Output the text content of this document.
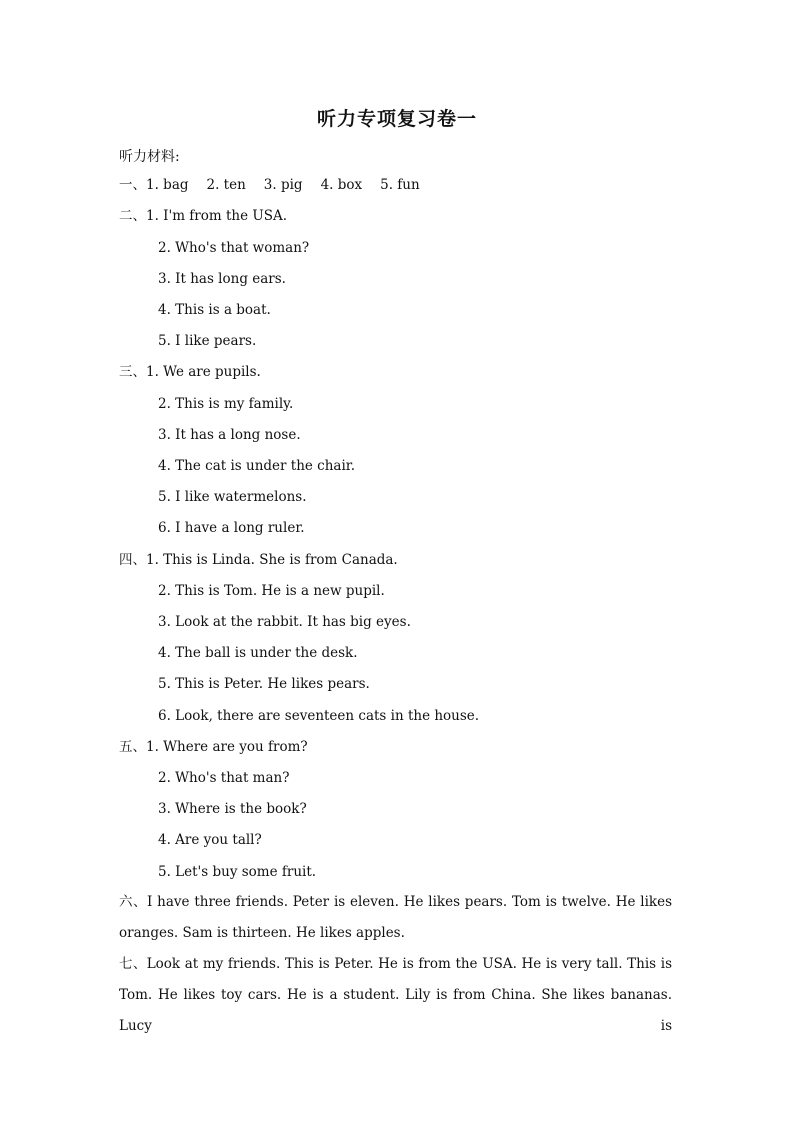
听力专项复习卷一
听力材料:
一、1. bag 2. ten 3. pig 4. box 5. fun
二、1. I'm from the USA.
2. Who's that woman?
3. It has long ears.
4. This is a boat.
5. I like pears.
三、1. We are pupils.
2. This is my family.
3. It has a long nose.
4. The cat is under the chair.
5. I like watermelons.
6. I have a long ruler.
四、1. This is Linda. She is from Canada.
2. This is Tom. He is a new pupil.
3. Look at the rabbit. It has big eyes.
4. The ball is under the desk.
5. This is Peter. He likes pears.
6. Look, there are seventeen cats in the house.
五、1. Where are you from?
2. Who's that man?
3. Where is the book?
4. Are you tall?
5. Let's buy some fruit.
六、I have three friends. Peter is eleven. He likes pears. Tom is twelve. He likes
oranges. Sam is thirteen. He likes apples.
七、Look at my friends. This is Peter. He is from the USA. He is very tall. This is
Tom. He likes toy cars. He is a student. Lily is from China. She likes bananas. Lucy is
